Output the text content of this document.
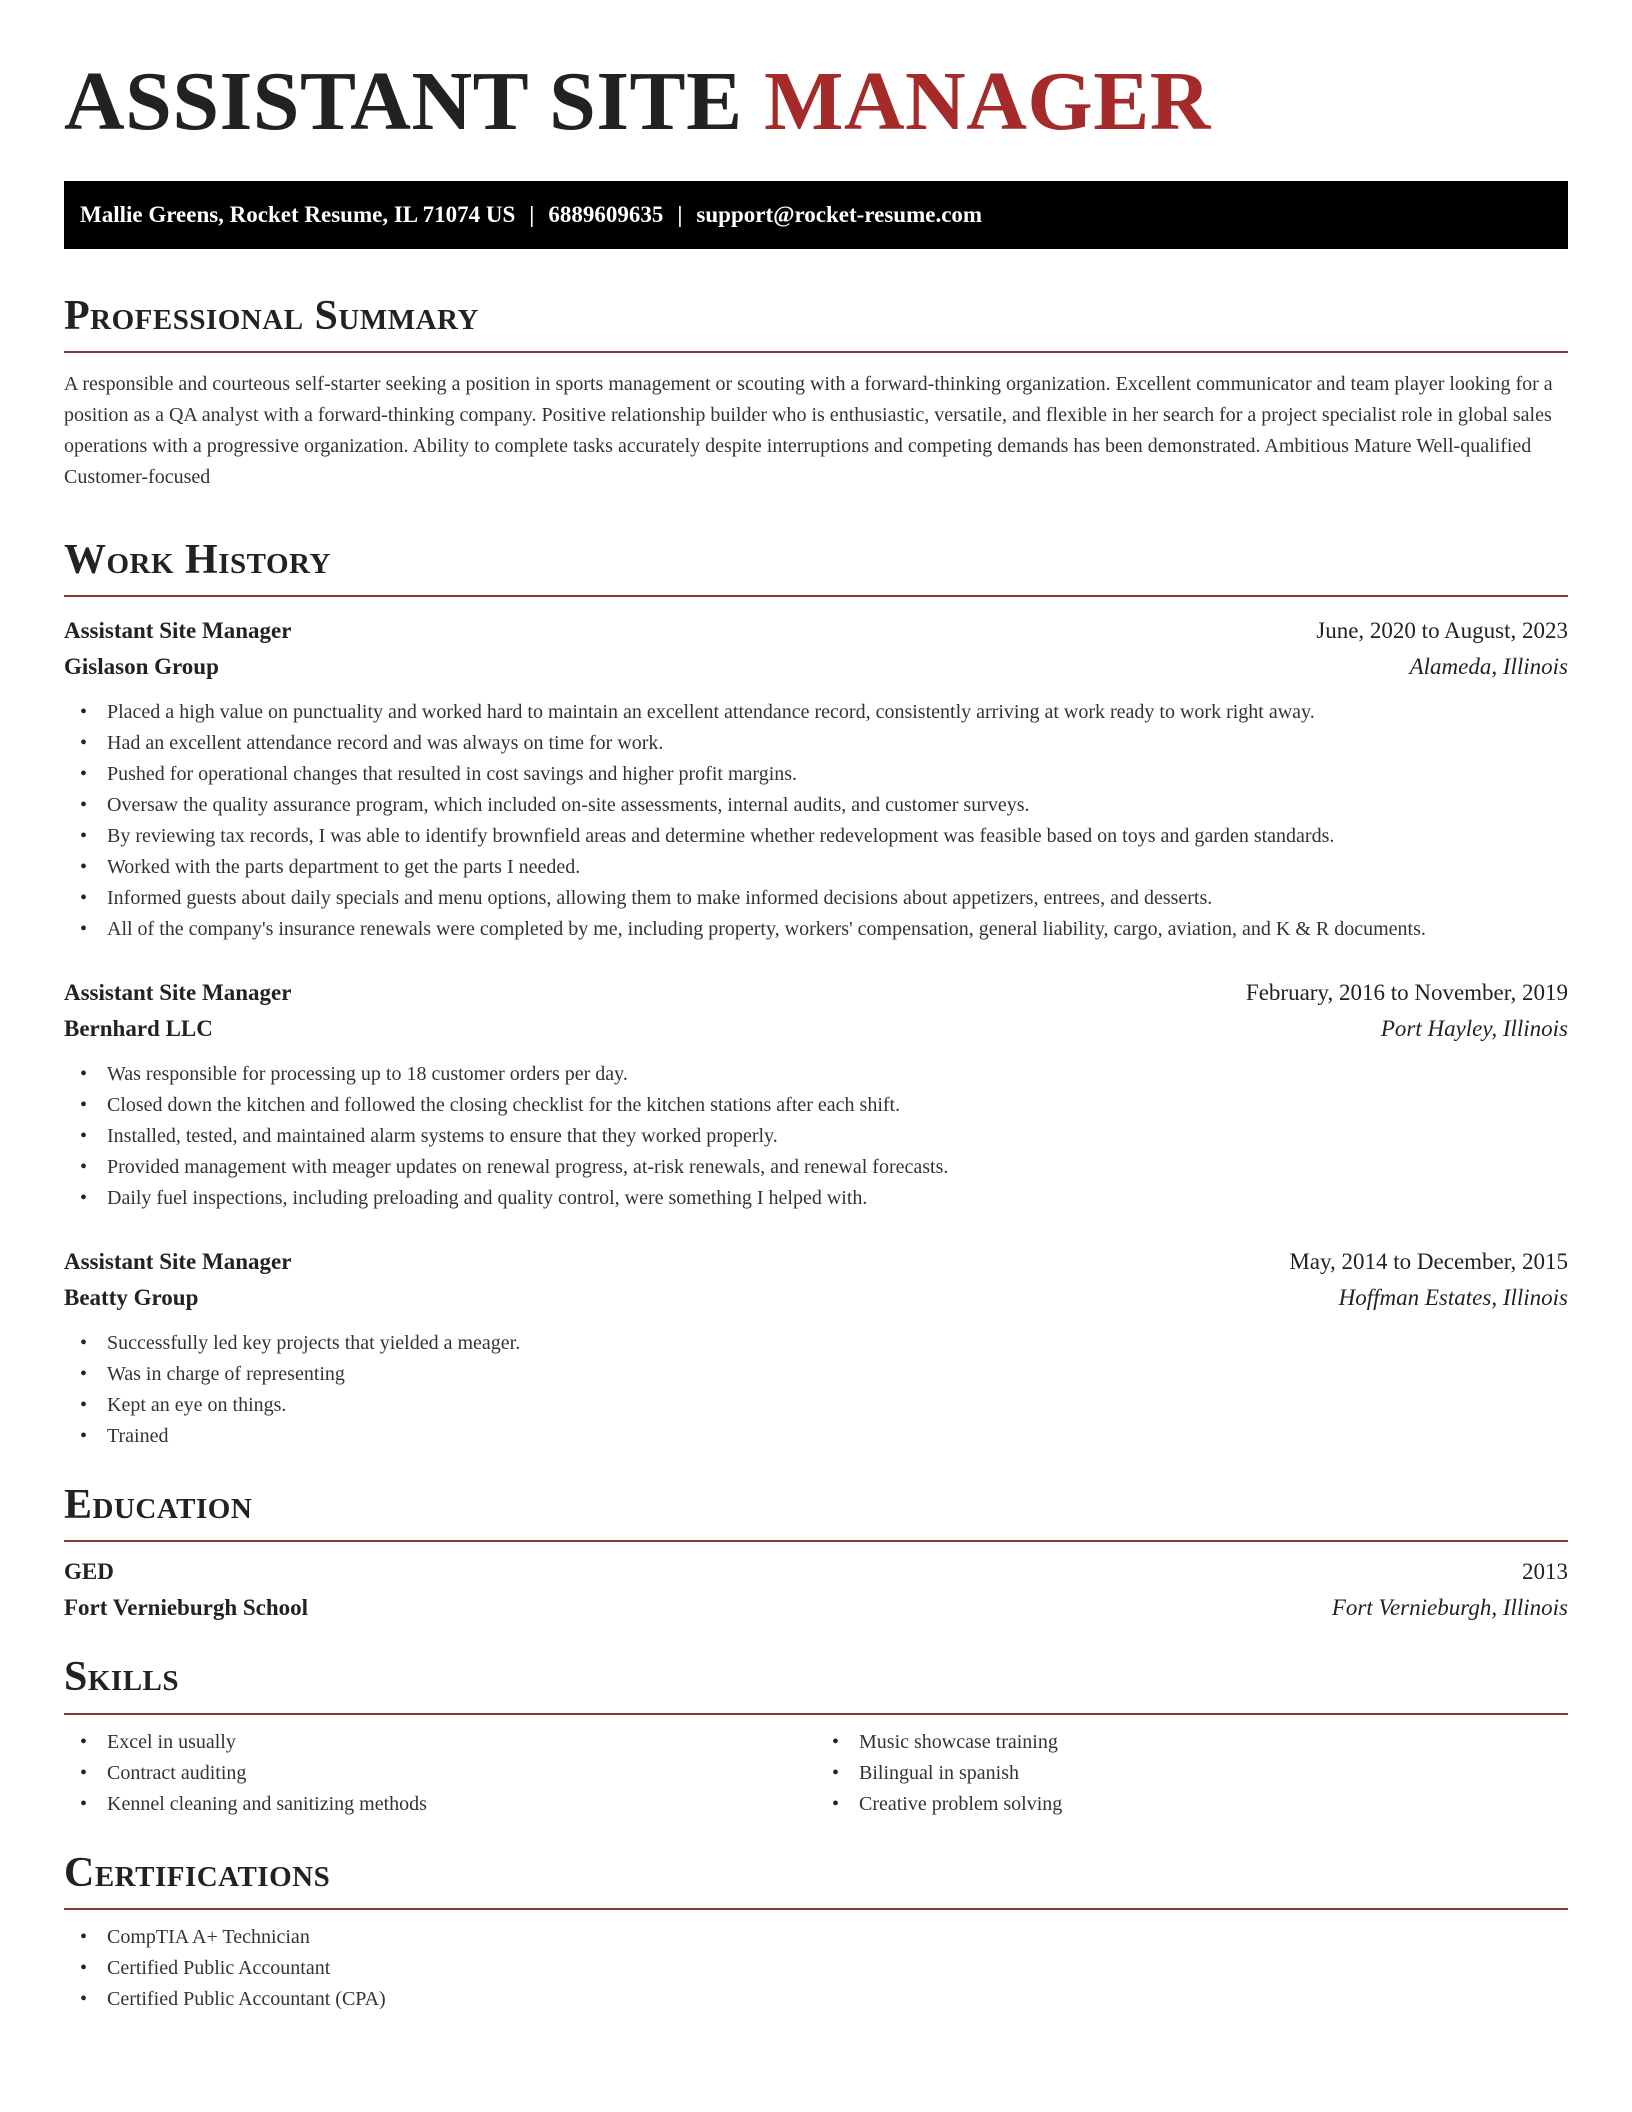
ASSISTANT SITE MANAGER
Mallie Greens, Rocket Resume, IL 71074 US | 6889609635 | support@rocket-resume.com
Professional Summary

A responsible and courteous self-starter seeking a position in sports management or scouting with a forward-thinking organization. Excellent communicator and team player looking for a position as a QA analyst with a forward-thinking company. Positive relationship builder who is enthusiastic, versatile, and flexible in her search for a project specialist role in global sales operations with a progressive organization. Ability to complete tasks accurately despite interruptions and competing demands has been demonstrated. Ambitious Mature Well-qualified Customer-focused

Work History
Assistant Site Manager	June, 2020 to August, 2023
Gislason Group	Alameda, Illinois
• Placed a high value on punctuality and worked hard to maintain an excellent attendance record, consistently arriving at work ready to work right away.
• Had an excellent attendance record and was always on time for work.
• Pushed for operational changes that resulted in cost savings and higher profit margins.
• Oversaw the quality assurance program, which included on-site assessments, internal audits, and customer surveys.
• By reviewing tax records, I was able to identify brownfield areas and determine whether redevelopment was feasible based on toys and garden standards.
• Worked with the parts department to get the parts I needed.
• Informed guests about daily specials and menu options, allowing them to make informed decisions about appetizers, entrees, and desserts.
• All of the company's insurance renewals were completed by me, including property, workers' compensation, general liability, cargo, aviation, and K & R documents.
Assistant Site Manager	February, 2016 to November, 2019
Bernhard LLC	Port Hayley, Illinois
• Was responsible for processing up to 18 customer orders per day.
• Closed down the kitchen and followed the closing checklist for the kitchen stations after each shift.
• Installed, tested, and maintained alarm systems to ensure that they worked properly.
• Provided management with meager updates on renewal progress, at-risk renewals, and renewal forecasts.
• Daily fuel inspections, including preloading and quality control, were something I helped with.
Assistant Site Manager	May, 2014 to December, 2015
Beatty Group	Hoffman Estates, Illinois
• Successfully led key projects that yielded a meager.
• Was in charge of representing
• Kept an eye on things.
• Trained
Education
GED	2013
Fort Vernieburgh School	Fort Vernieburgh, Illinois
Skills
• Excel in usually
• Contract auditing
• Kennel cleaning and sanitizing methods
• Music showcase training
• Bilingual in spanish
• Creative problem solving
Certifications
• CompTIA A+ Technician
• Certified Public Accountant
• Certified Public Accountant (CPA)
